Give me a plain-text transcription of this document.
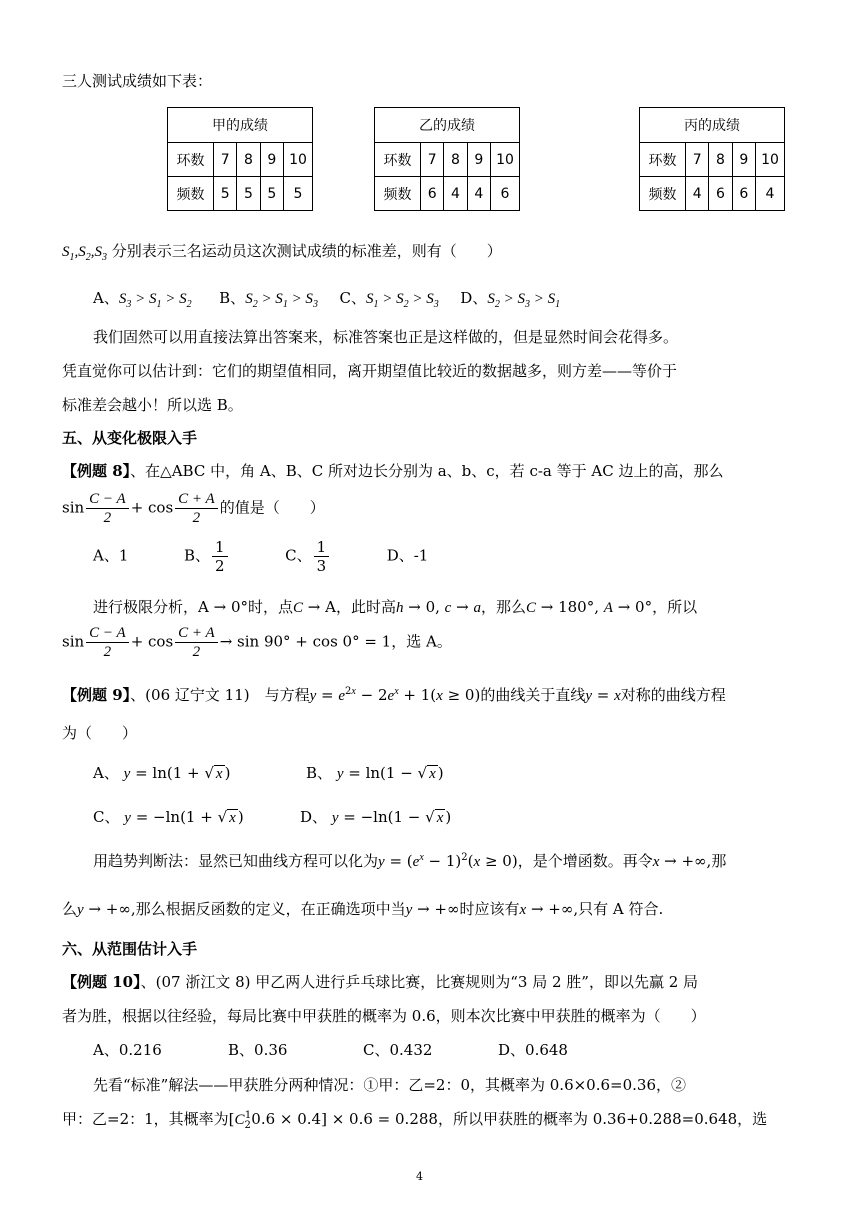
三人测试成绩如下表：
甲的成绩				
环数	7	8	9	10
频数	5	5	5	5
乙的成绩				
环数	7	8	9	10
频数	6	4	4	6
丙的成绩				
环数	7	8	9	10
频数	4	6	6	4
$S_1,S_2,S_3$ 分别表示三名运动员这次测试成绩的标准差，则有（　　）
A、$S_3 > S_1 > S_2$ B、$S_2 > S_1 > S_3$ C、$S_1 > S_2 > S_3$ D、$S_2 > S_3 > S_1$
我们固然可以用直接法算出答案来，标准答案也正是这样做的，但是显然时间会花得多。
凭直觉你可以估计到：它们的期望值相同，离开期望值比较近的数据越多，则方差——等价于
标准差会越小！所以选 B。
五、从变化极限入手
【例题 8】、在△ABC 中，角 A、B、C 所对边长分别为 a、b、c，若 c-a 等于 AC 边上的高，那么
$\sin \frac{C - A}{2} + \cos \frac{C + A}{2}$ 的值是（　　）
A、1	B、 $\frac{1}{2}$	C、 $\frac{1}{3}$	D、-1
进行极限分析，A → 0°时，点C → A，此时高h → 0, c → a，那么C → 180°, A → 0°，所以
$\sin \frac{C - A}{2} + \cos \frac{C + A}{2} \to \sin 90^\circ + \cos 0^\circ = 1$，选 A。
【例题 9】、(06 辽宁文 11)　与方程$y = e^{2x} - 2e^x + 1(x \ge 0)$的曲线关于直线y = x对称的曲线方程
为（　　）
A、 y = ln(1 + √ x )	B、 y = ln(1 − √ x )
C、 y = −ln(1 + √ x )	D、 y = −ln(1 − √ x )
用趋势判断法：显然已知曲线方程可以化为$y = (e^x - 1)^2(x \ge 0)$，是个增函数。再令x → +∞,那
么y → +∞,那么根据反函数的定义，在正确选项中当y → +∞时应该有x → +∞,只有 A 符合.
六、从范围估计入手
【例题 10】、(07 浙江文 8) 甲乙两人进行乒乓球比赛，比赛规则为“3 局 2 胜”，即以先赢 2 局
者为胜，根据以往经验，每局比赛中甲获胜的概率为 0.6，则本次比赛中甲获胜的概率为（　　）
A、0.216	B、0.36	C、0.432	D、0.648
先看“标准”解法——甲获胜分两种情况：①甲：乙=2：0，其概率为 0.6×0.6=0.36，②
甲：乙=2：1，其概率为$[C_2^10.6 \times 0.4] \times 0.6 = 0.288$，所以甲获胜的概率为 0.36+0.288=0.648，选
4
